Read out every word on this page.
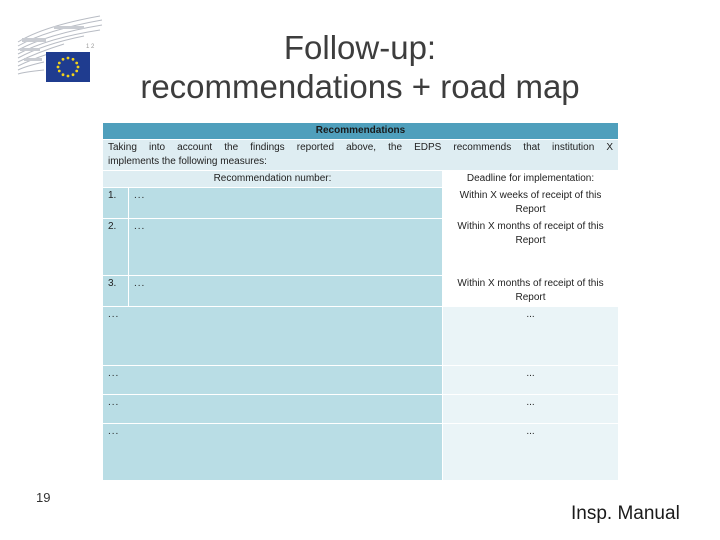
1 2	Follow-up:
recommendations + road map
Recommendations		

Taking into account the findings reported above, the EDPS recommends that institution X
implements the following measures:		

Recommendation number:		Deadline for implementation:
1.	...	Within X weeks of receipt of this Report
2.	...	Within X months of receipt of this Report
3.	...	Within X months of receipt of this Report
...		...
...		...
...		...
...		...
19
Insp. Manual
